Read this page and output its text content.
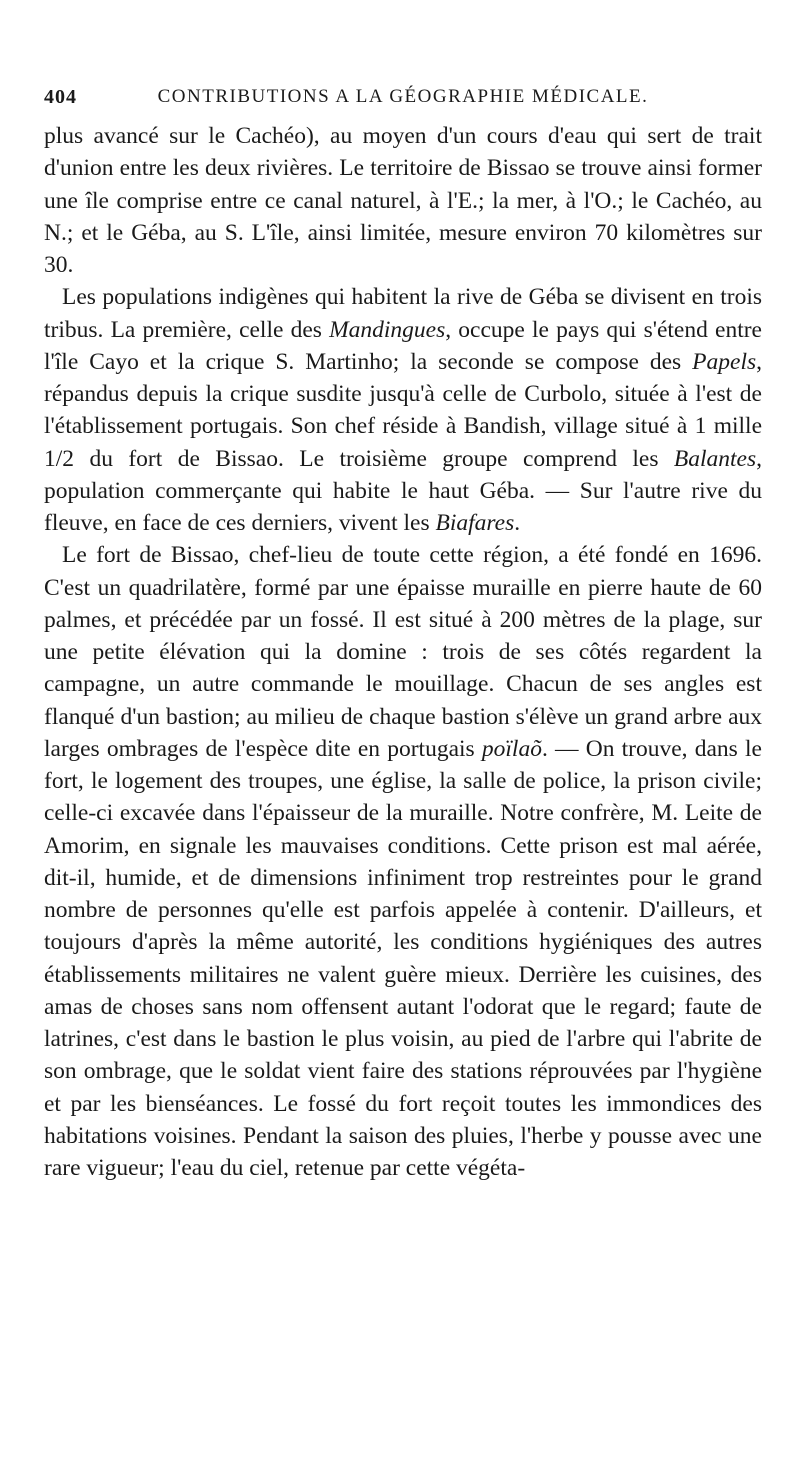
404	CONTRIBUTIONS A LA GÉOGRAPHIE MÉDICALE.

plus avancé sur le Cachéo), au moyen d'un cours d'eau qui sert de trait d'union entre les deux rivières. Le territoire de Bissao se trouve ainsi former une île comprise entre ce canal naturel, à l'E.; la mer, à l'O.; le Cachéo, au N.; et le Géba, au S. L'île, ainsi limitée, mesure environ 70 kilomètres sur 30.

Les populations indigènes qui habitent la rive de Géba se divisent en trois tribus. La première, celle des Mandingues, occupe le pays qui s'étend entre l'île Cayo et la crique S. Martinho; la seconde se compose des Papels, répandus depuis la crique susdite jusqu'à celle de Curbolo, située à l'est de l'établissement portugais. Son chef réside à Bandish, village situé à 1 mille 1/2 du fort de Bissao. Le troisième groupe comprend les Balantes, population commerçante qui habite le haut Géba. — Sur l'autre rive du fleuve, en face de ces derniers, vivent les Biafares.

Le fort de Bissao, chef-lieu de toute cette région, a été fondé en 1696. C'est un quadrilatère, formé par une épaisse muraille en pierre haute de 60 palmes, et précédée par un fossé. Il est situé à 200 mètres de la plage, sur une petite élévation qui la domine : trois de ses côtés regardent la campagne, un autre commande le mouillage. Chacun de ses angles est flanqué d'un bastion; au milieu de chaque bastion s'élève un grand arbre aux larges ombrages de l'espèce dite en portugais poïlaõ. — On trouve, dans le fort, le logement des troupes, une église, la salle de police, la prison civile; celle-ci excavée dans l'épaisseur de la muraille. Notre confrère, M. Leite de Amorim, en signale les mauvaises conditions. Cette prison est mal aérée, dit-il, humide, et de dimensions infiniment trop restreintes pour le grand nombre de personnes qu'elle est parfois appelée à contenir. D'ailleurs, et toujours d'après la même autorité, les conditions hygiéniques des autres établissements militaires ne valent guère mieux. Derrière les cuisines, des amas de choses sans nom offensent autant l'odorat que le regard; faute de latrines, c'est dans le bastion le plus voisin, au pied de l'arbre qui l'abrite de son ombrage, que le soldat vient faire des stations réprouvées par l'hygiène et par les bienséances. Le fossé du fort reçoit toutes les immondices des habitations voisines. Pendant la saison des pluies, l'herbe y pousse avec une rare vigueur; l'eau du ciel, retenue par cette végéta-
